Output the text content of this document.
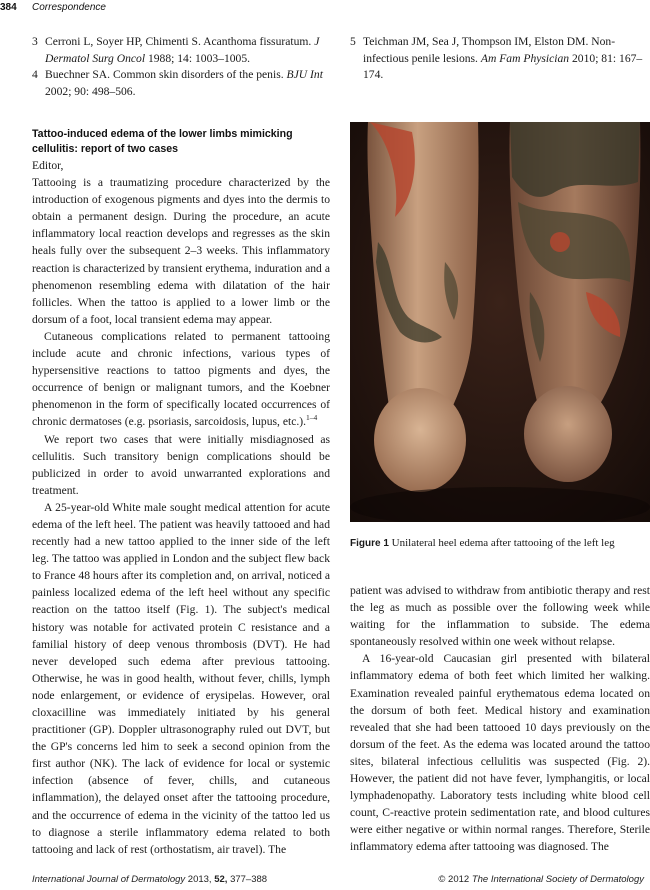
384 Correspondence
3 Cerroni L, Soyer HP, Chimenti S. Acanthoma fissuratum. J Dermatol Surg Oncol 1988; 14: 1003–1005.
4 Buechner SA. Common skin disorders of the penis. BJU Int 2002; 90: 498–506.
Tattoo-induced edema of the lower limbs mimicking cellulitis: report of two cases

Editor,

Tattooing is a traumatizing procedure characterized by the introduction of exogenous pigments and dyes into the dermis to obtain a permanent design. During the procedure, an acute inflammatory local reaction develops and regresses as the skin heals fully over the subsequent 2–3 weeks. This inflammatory reaction is characterized by transient erythema, induration and a phenomenon resembling edema with dilatation of the hair follicles. When the tattoo is applied to a lower limb or the dorsum of a foot, local transient edema may appear.

Cutaneous complications related to permanent tattooing include acute and chronic infections, various types of hypersensitive reactions to tattoo pigments and dyes, the occurrence of benign or malignant tumors, and the Koebner phenomenon in the form of specifically located occurrences of chronic dermatoses (e.g. psoriasis, sarcoidosis, lupus, etc.).$^{1-4}$

We report two cases that were initially misdiagnosed as cellulitis. Such transitory benign complications should be publicized in order to avoid unwarranted explorations and treatment.

A 25-year-old White male sought medical attention for acute edema of the left heel. The patient was heavily tattooed and had recently had a new tattoo applied to the inner side of the left leg. The tattoo was applied in London and the subject flew back to France 48 hours after its completion and, on arrival, noticed a painless localized edema of the left heel without any specific reaction on the tattoo itself (Fig. 1). The subject's medical history was notable for activated protein C resistance and a familial history of deep venous thrombosis (DVT). He had never developed such edema after previous tattooing. Otherwise, he was in good health, without fever, chills, lymph node enlargement, or evidence of erysipelas. However, oral cloxacilline was immediately initiated by his general practitioner (GP). Doppler ultrasonography ruled out DVT, but the GP's concerns led him to seek a second opinion from the first author (NK). The lack of evidence for local or systemic infection (absence of fever, chills, and cutaneous inflammation), the delayed onset after the tattooing procedure, and the occurrence of edema in the vicinity of the tattoo led us to diagnose a sterile inflammatory edema related to both tattooing and lack of rest (orthostatism, air travel). The

5 Teichman JM, Sea J, Thompson IM, Elston DM. Non-infectious penile lesions. Am Fam Physician 2010; 81: 167–174.
Figure 1 Unilateral heel edema after tattooing of the left leg

patient was advised to withdraw from antibiotic therapy and rest the leg as much as possible over the following week while waiting for the inflammation to subside. The edema spontaneously resolved within one week without relapse.

A 16-year-old Caucasian girl presented with bilateral inflammatory edema of both feet which limited her walking. Examination revealed painful erythematous edema located on the dorsum of both feet. Medical history and examination revealed that she had been tattooed 10 days previously on the dorsum of the feet. As the edema was located around the tattoo sites, bilateral infectious cellulitis was suspected (Fig. 2). However, the patient did not have fever, lymphangitis, or local lymphadenopathy. Laboratory tests including white blood cell count, C-reactive protein sedimentation rate, and blood cultures were either negative or within normal ranges. Therefore, Sterile inflammatory edema after tattooing was diagnosed. The

International Journal of Dermatology 2013, 52, 377–388	© 2012 The International Society of Dermatology
